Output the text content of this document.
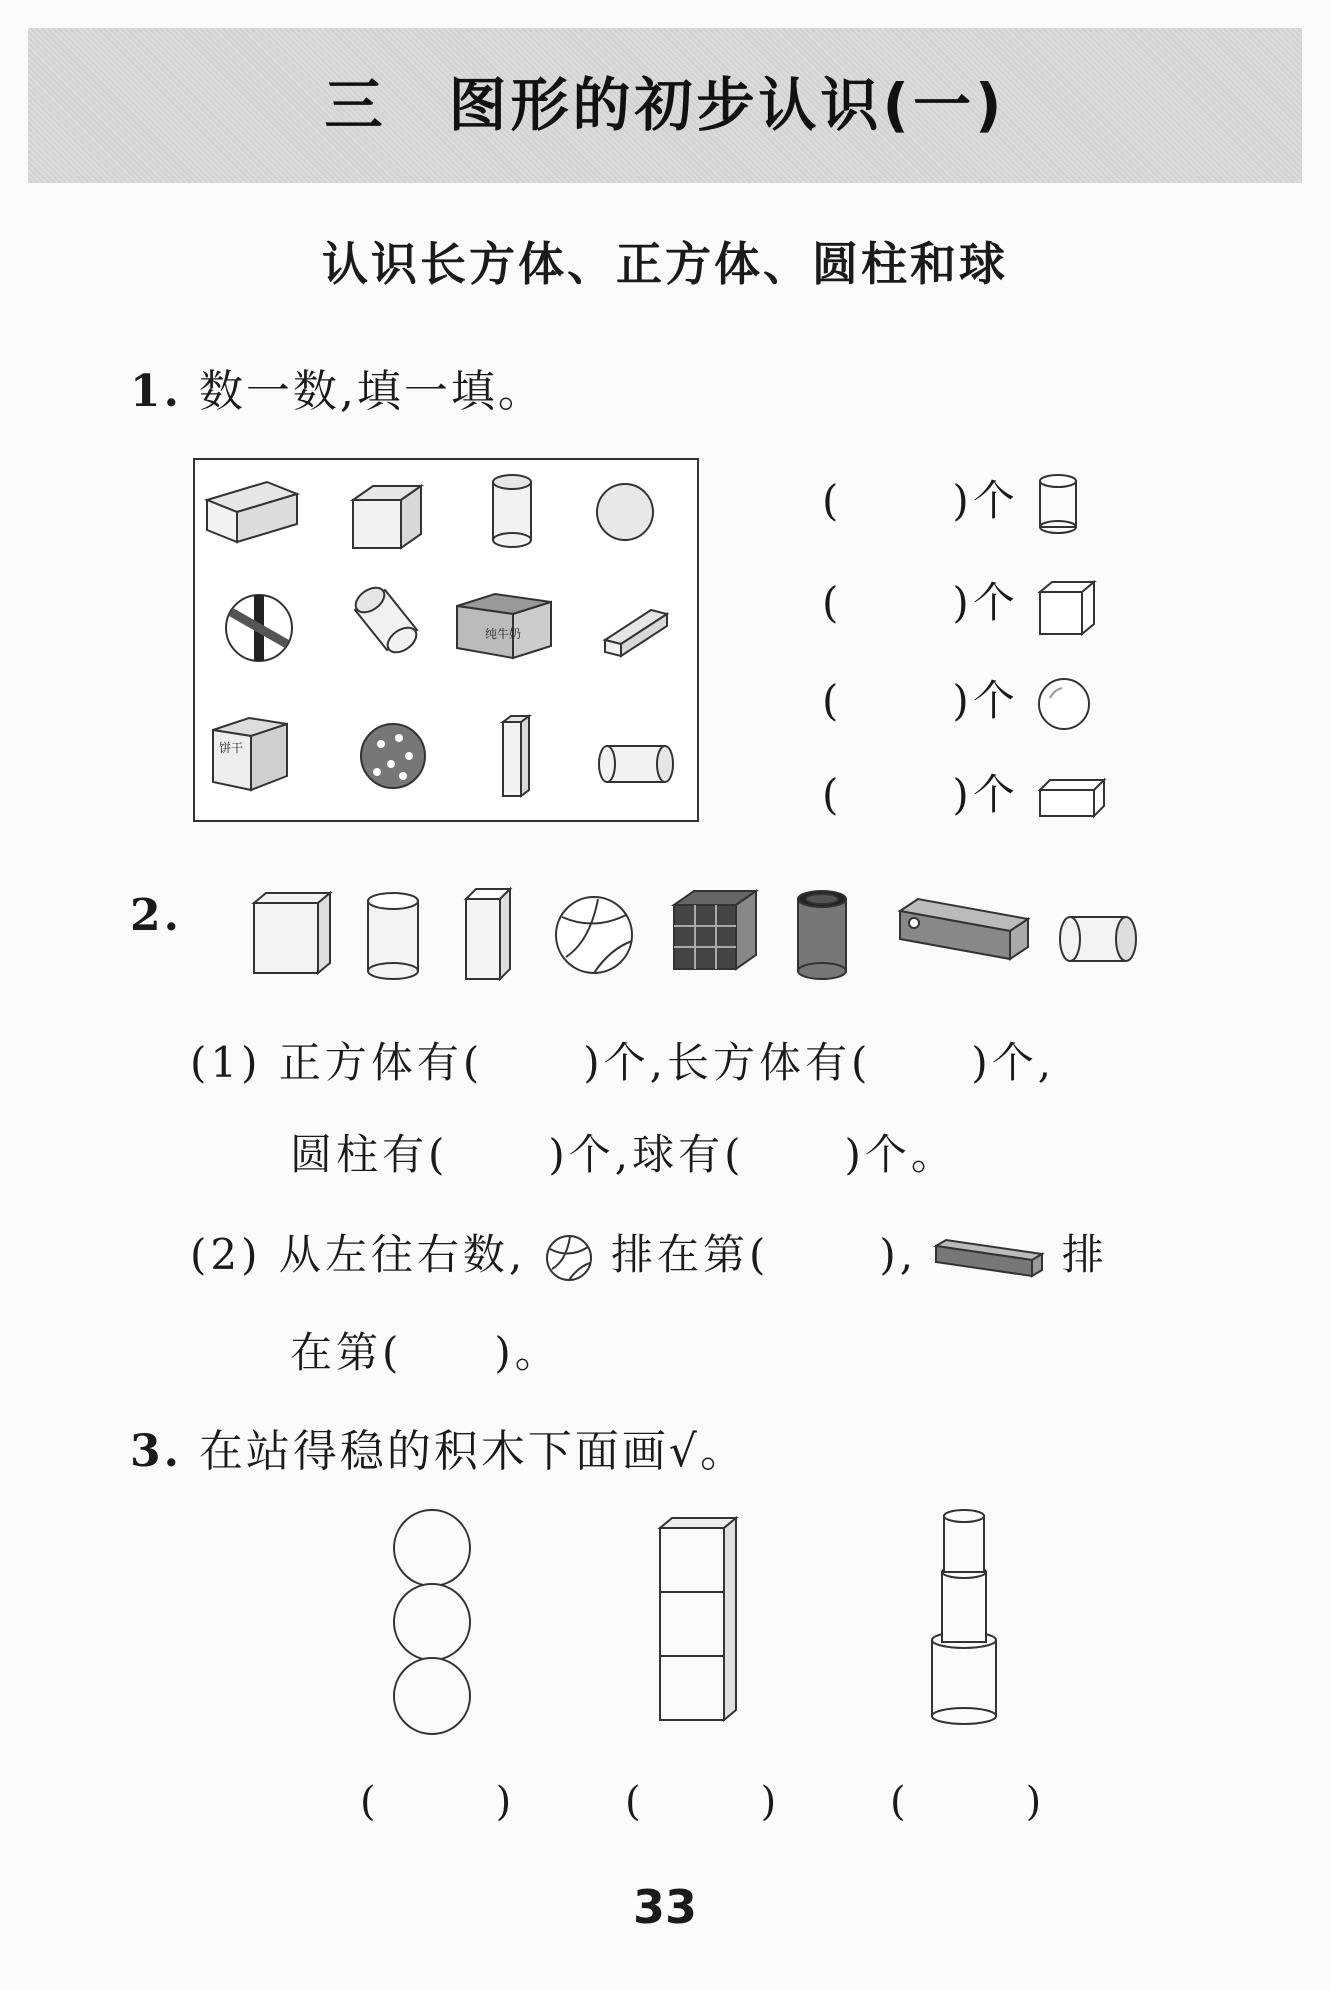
三　图形的初步认识(一)
认识长方体、正方体、圆柱和球
1. 数一数,填一填。
纯牛奶
饼干
(	)个
(	)个
(	)个
(	)个
2.
(1) 正方体有( )个,长方体有( )个,
圆柱有( )个,球有( )个。
(2) 从左往右数, 排在第(	),	排
在第(　　)。
3. 在站得稳的积木下面画√。
(　　　)	(　　　)	(　　　)
33
